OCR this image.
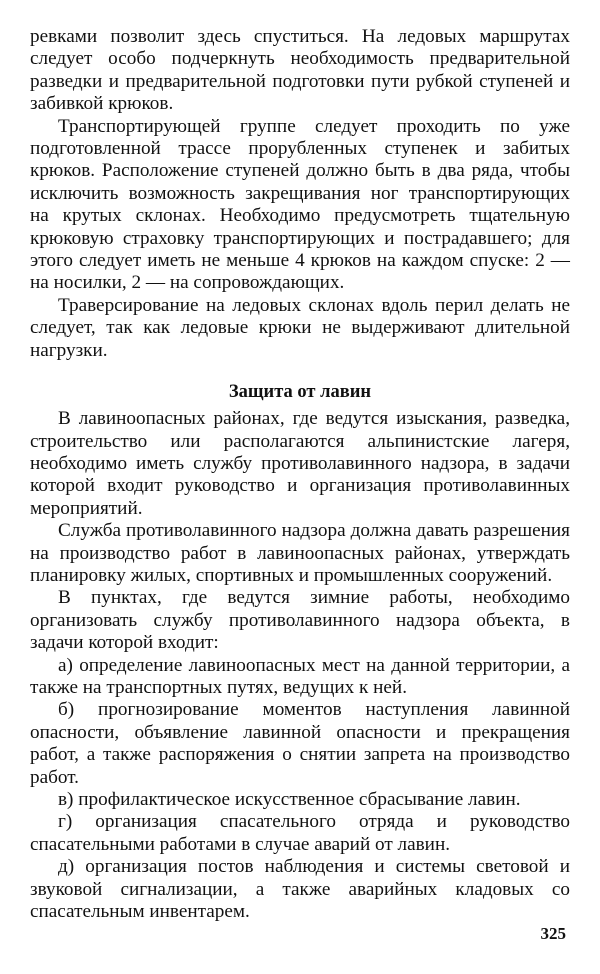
ревками позволит здесь спуститься. На ледовых маршрутах следует особо подчеркнуть необходимость предварительной разведки и предварительной подготовки пути рубкой ступеней и забивкой крюков.

Транспортирующей группе следует проходить по уже подготовленной трассе прорубленных ступенек и забитых крюков. Расположение ступеней должно быть в два ряда, чтобы исключить возможность закрещивания ног транспортирующих на крутых склонах. Необходимо предусмотреть тщательную крюковую страховку транспортирующих и пострадавшего; для этого следует иметь не меньше 4 крюков на каждом спуске: 2 — на носилки, 2 — на сопровождающих.

Траверсирование на ледовых склонах вдоль перил делать не следует, так как ледовые крюки не выдерживают длительной нагрузки.

Защита от лавин

В лавиноопасных районах, где ведутся изыскания, разведка, строительство или располагаются альпинистские лагеря, необходимо иметь службу противолавинного надзора, в задачи которой входит руководство и организация противолавинных мероприятий.

Служба противолавинного надзора должна давать разрешения на производство работ в лавиноопасных районах, утверждать планировку жилых, спортивных и промышленных сооружений.

В пунктах, где ведутся зимние работы, необходимо организовать службу противолавинного надзора объекта, в задачи которой входит:

а) определение лавиноопасных мест на данной территории, а также на транспортных путях, ведущих к ней.

б) прогнозирование моментов наступления лавинной опасности, объявление лавинной опасности и прекращения работ, а также распоряжения о снятии запрета на производство работ.

в) профилактическое искусственное сбрасывание лавин.

г) организация спасательного отряда и руководство спасательными работами в случае аварий от лавин.

д) организация постов наблюдения и системы световой и звуковой сигнализации, а также аварийных кладовых со спасательным инвентарем.

325
